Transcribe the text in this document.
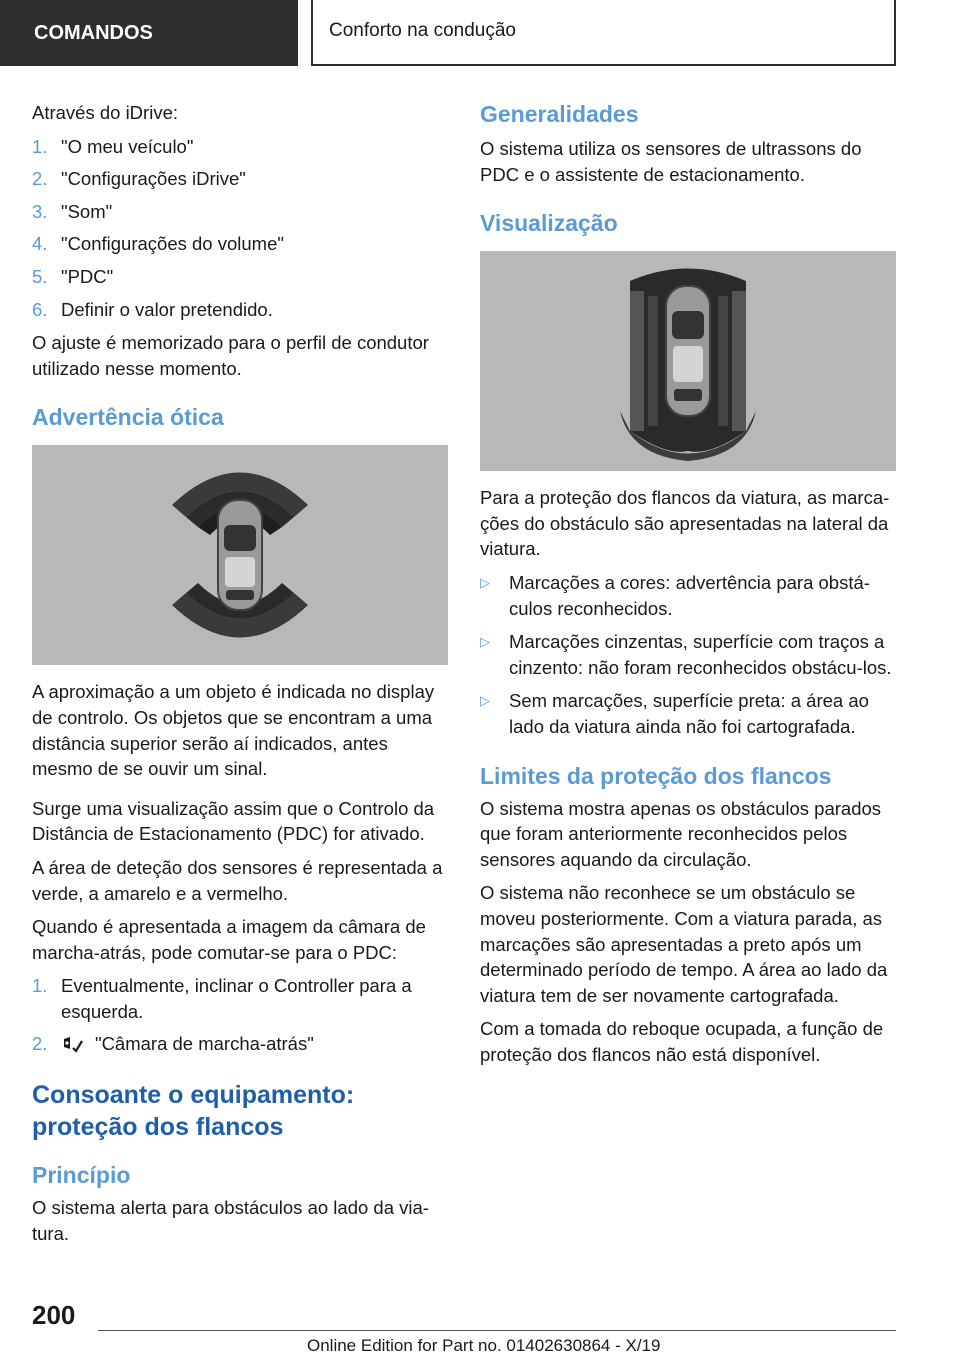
COMANDOS	Conforto na condução

Através do iDrive:

1. "O meu veículo"
2. "Configurações iDrive"
3. "Som"
4. "Configurações do volume"
5. "PDC"
6. Definir o valor pretendido.

O ajuste é memorizado para o perfil de condutor utilizado nesse momento.

Advertência ótica

A aproximação a um objeto é indicada no display de controlo. Os objetos que se encontram a uma distância superior serão aí indicados, antes mesmo de se ouvir um sinal.

Surge uma visualização assim que o Controlo da Distância de Estacionamento (PDC) for ativado.

A área de deteção dos sensores é representada a verde, a amarelo e a vermelho.

Quando é apresentada a imagem da câmara de marcha-atrás, pode comutar-se para o PDC:

1. Eventualmente, inclinar o Controller para a esquerda.
2.	"Câmara de marcha-atrás"
Consoante o equipamento: proteção dos flancos
Princípio

O sistema alerta para obstáculos ao lado da via-tura.

Generalidades

O sistema utiliza os sensores de ultrassons do PDC e o assistente de estacionamento.

Visualização

Para a proteção dos flancos da viatura, as marca-ções do obstáculo são apresentadas na lateral da viatura.

▷	Marcações a cores: advertência para obstá-culos reconhecidos.
▷	Marcações cinzentas, superfície com traços a cinzento: não foram reconhecidos obstácu-los.
▷	Sem marcações, superfície preta: a área ao lado da viatura ainda não foi cartografada.
Limites da proteção dos flancos

O sistema mostra apenas os obstáculos parados que foram anteriormente reconhecidos pelos sensores aquando da circulação.

O sistema não reconhece se um obstáculo se moveu posteriormente. Com a viatura parada, as marcações são apresentadas a preto após um determinado período de tempo. A área ao lado da viatura tem de ser novamente cartografada.

Com a tomada do reboque ocupada, a função de proteção dos flancos não está disponível.

200
Online Edition for Part no. 01402630864 - X/19
